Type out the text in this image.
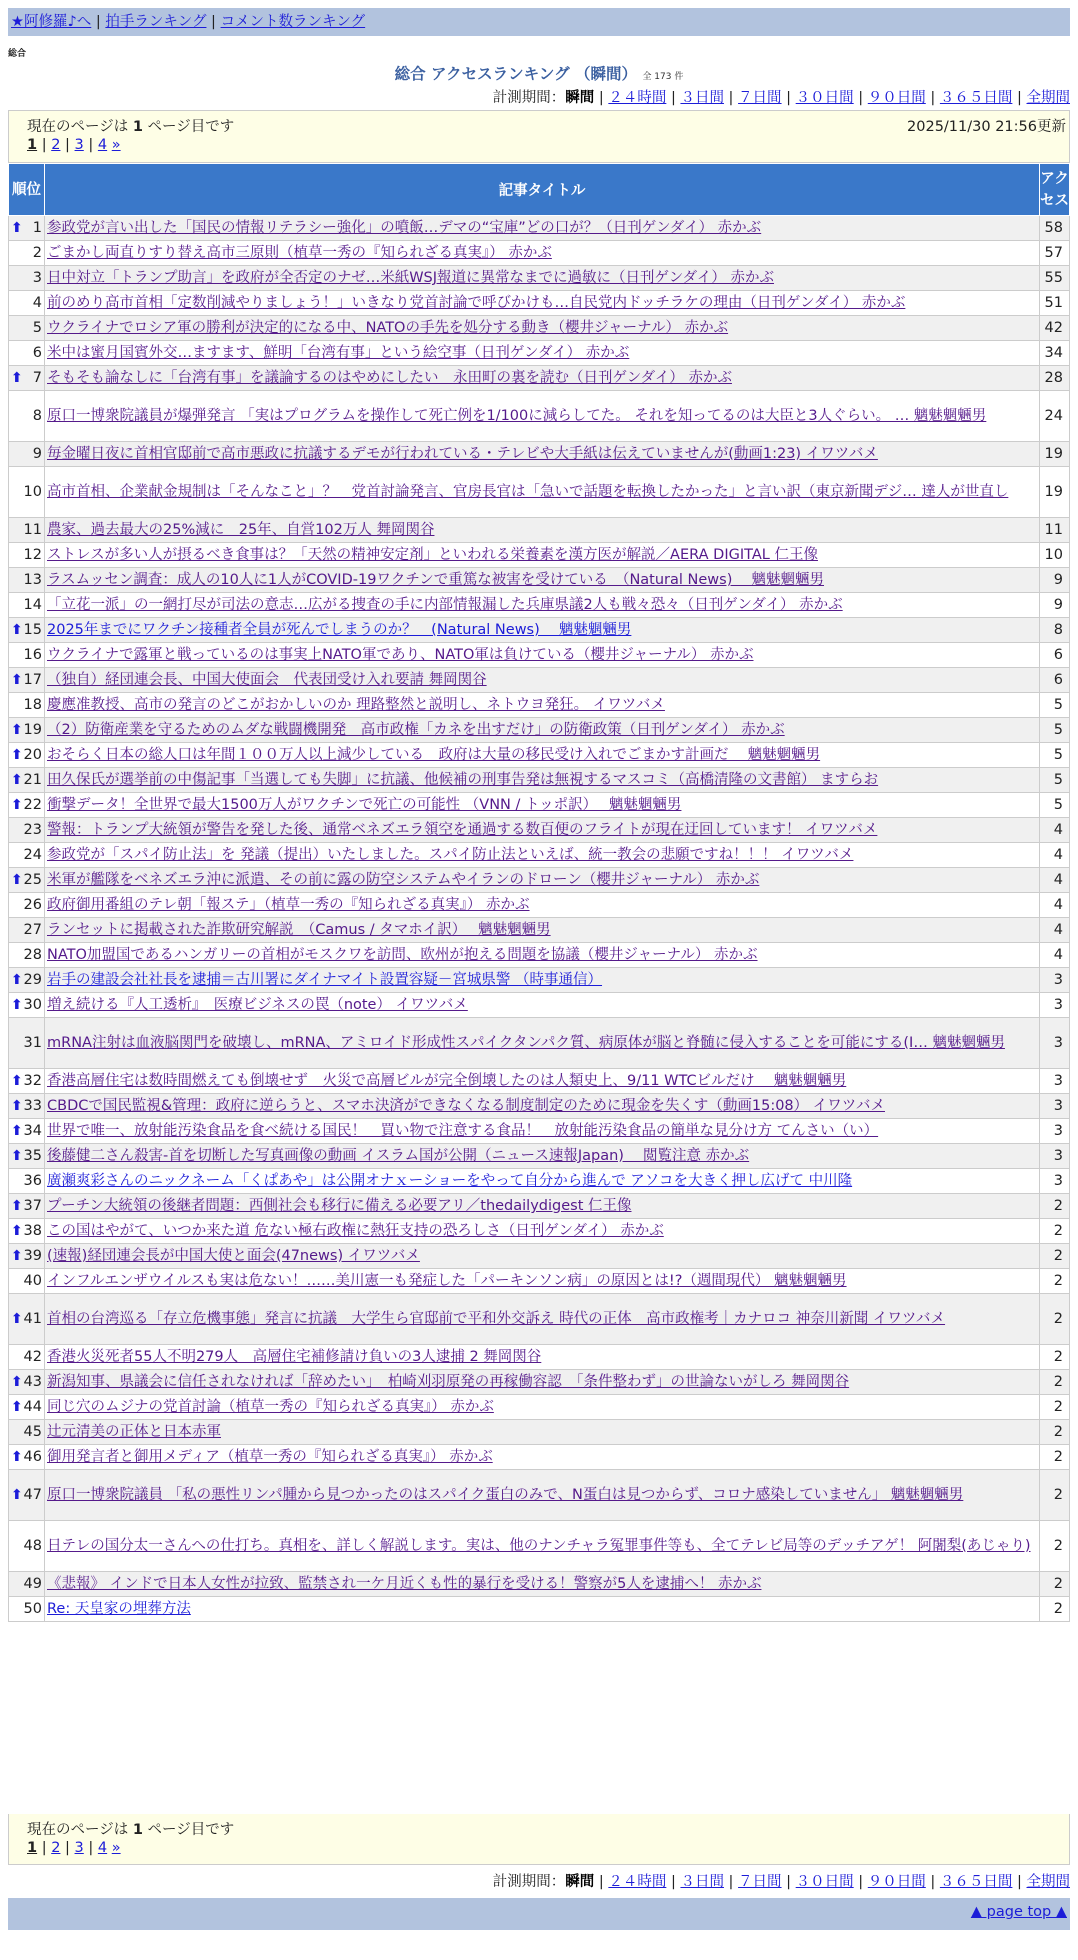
★阿修羅♪へ | 拍手ランキング | コメント数ランキング
総合
総合 アクセスランキング （瞬間） 全 173 件
計測期間：瞬間 | ２４時間 | ３日間 | ７日間 | ３０日間 | ９０日間 | ３６５日間 | 全期間
現在のページは 1 ページ目です	2025/11/30 21:56更新
1 | 2 | 3 | 4 »
順位	記事タイトル	アクセス

⬆ 1	参政党が言い出した「国民の情報リテラシー強化」の噴飯…デマの“宝庫”どの口が？（日刊ゲンダイ） 赤かぶ	58
2	ごまかし両直りすり替え高市三原則（植草一秀の『知られざる真実』） 赤かぶ	57
3	日中対立「トランプ助言」を政府が全否定のナゼ…米紙WSJ報道に異常なまでに過敏に（日刊ゲンダイ） 赤かぶ	55
4	前のめり高市首相「定数削減やりましょう！」いきなり党首討論で呼びかけも…自民党内ドッチラケの理由（日刊ゲンダイ） 赤かぶ	51
5	ウクライナでロシア軍の勝利が決定的になる中、NATOの手先を処分する動き（櫻井ジャーナル） 赤かぶ	42
6	米中は蜜月国賓外交…ますます、鮮明「台湾有事」という絵空事（日刊ゲンダイ） 赤かぶ	34

⬆ 7	そもそも論なしに「台湾有事」を議論するのはやめにしたい　永田町の裏を読む（日刊ゲンダイ） 赤かぶ	28
8	原口一博衆院議員が爆弾発言 「実はプログラムを操作して死亡例を1/100に減らしてた。 それを知ってるのは大臣と3人ぐらい。 … 魑魅魍魎男	24
9	毎金曜日夜に首相官邸前で高市悪政に抗議するデモが行われている・テレビや大手紙は伝えていませんが(動画1:23) イワツバメ	19
10	高市首相、企業献金規制は「そんなこと」？　党首討論発言、官房長官は「急いで話題を転換したかった」と言い訳（東京新聞デジ… 達人が世直し	19
11	農家、過去最大の25%減に　25年、自営102万人 舞岡関谷	11
12	ストレスが多い人が摂るべき食事は？「天然の精神安定剤」といわれる栄養素を漢方医が解説／AERA DIGITAL 仁王像	10
13	ラスムッセン調査：成人の10人に1人がCOVID-19ワクチンで重篤な被害を受けている　（Natural News)　 魑魅魍魎男	9
14	「立花一派」の一網打尽が司法の意志…広がる捜査の手に内部情報漏した兵庫県議2人も戦々恐々（日刊ゲンダイ） 赤かぶ	9

⬆ 15	2025年までにワクチン接種者全員が死んでしまうのか？　(Natural News)　 魑魅魍魎男	8
16	ウクライナで露軍と戦っているのは事実上NATO軍であり、NATO軍は負けている（櫻井ジャーナル） 赤かぶ	6

⬆ 17	（独自）経団連会長、中国大使面会　代表団受け入れ要請 舞岡関谷	6
18	慶應准教授、高市の発言のどこがおかしいのか 理路整然と説明し、ネトウヨ発狂。 イワツバメ	5

⬆ 19	（2）防衛産業を守るためのムダな戦闘機開発　高市政権「カネを出すだけ」の防衛政策（日刊ゲンダイ） 赤かぶ	5

⬆ 20	おそらく日本の総人口は年間１００万人以上減少している　政府は大量の移民受け入れでごまかす計画だ　 魑魅魍魎男	5

⬆ 21	田久保氏が選挙前の中傷記事「当選しても失脚」に抗議、他候補の刑事告発は無視するマスコミ（高橋清隆の文書館） ますらお	5

⬆ 22	衝撃データ！全世界で最大1500万人がワクチンで死亡の可能性 （VNN / トッポ訳）　 魑魅魍魎男	5
23	警報：トランプ大統領が警告を発した後、通常ベネズエラ領空を通過する数百便のフライトが現在迂回しています！ イワツバメ	4
24	参政党が「スパイ防止法」を 発議（提出）いたしました。スパイ防止法といえば、統一教会の悲願ですね！！！ イワツバメ	4

⬆ 25	米軍が艦隊をベネズエラ沖に派遣、その前に露の防空システムやイランのドローン（櫻井ジャーナル） 赤かぶ	4
26	政府御用番組のテレ朝「報ステ」（植草一秀の『知られざる真実』） 赤かぶ	4
27	ランセットに掲載された詐欺研究解説　（Camus / タマホイ訳）　 魑魅魍魎男	4
28	NATO加盟国であるハンガリーの首相がモスクワを訪問、欧州が抱える問題を協議（櫻井ジャーナル） 赤かぶ	4

⬆ 29	岩手の建設会社社長を逮捕＝古川署にダイナマイト設置容疑－宮城県警 （時事通信）	3

⬆ 30	増え続ける『人工透析』　医療ビジネスの罠（note） イワツバメ	3
31	mRNA注射は血液脳関門を破壊し、mRNA、アミロイド形成性スパイクタンパク質、病原体が脳と脊髄に侵入することを可能にする(I… 魑魅魍魎男	3

⬆ 32	香港高層住宅は数時間燃えても倒壊せず　火災で高層ビルが完全倒壊したのは人類史上、9/11 WTCビルだけ　 魑魅魍魎男	3

⬆ 33	CBDCで国民監視&管理：政府に逆らうと、スマホ決済ができなくなる制度制定のために現金を失くす（動画15:08） イワツバメ	3

⬆ 34	世界で唯一、放射能汚染食品を食べ続ける国民！　買い物で注意する食品！　放射能汚染食品の簡単な見分け方 てんさい（い）	3

⬆ 35	後藤健二さん殺害-首を切断した写真画像の動画 イスラム国が公開（ニュース速報Japan)　 閲覧注意 赤かぶ	3
36	廣瀬爽彩さんのニックネーム「くぱあや」は公開オナｘーショーをやって自分から進んで アソコを大きく押し広げて 中川隆	3

⬆ 37	プーチン大統領の後継者問題：西側社会も移行に備える必要アリ／thedailydigest 仁王像	2

⬆ 38	この国はやがて、いつか来た道 危ない極右政権に熱狂支持の恐ろしさ（日刊ゲンダイ） 赤かぶ	2

⬆ 39	(速報)経団連会長が中国大使と面会(47news) イワツバメ	2
40	インフルエンザウイルスも実は危ない！……美川憲一も発症した「パーキンソン病」の原因とは!?（週間現代） 魑魅魍魎男	2

⬆ 41	首相の台湾巡る「存立危機事態」発言に抗議　大学生ら官邸前で平和外交訴え 時代の正体　高市政権考｜カナロコ 神奈川新聞 イワツバメ	2
42	香港火災死者55人不明279人　高層住宅補修請け負いの3人逮捕 2 舞岡関谷	2

⬆ 43	新潟知事、県議会に信任されなければ「辞めたい」　柏崎刈羽原発の再稼働容認　「条件整わず」の世論ないがしろ 舞岡関谷	2

⬆ 44	同じ穴のムジナの党首討論（植草一秀の『知られざる真実』） 赤かぶ	2
45	辻元清美の正体と日本赤軍	2

⬆ 46	御用発言者と御用メディア（植草一秀の『知られざる真実』） 赤かぶ	2

⬆ 47	原口一博衆院議員 「私の悪性リンパ腫から見つかったのはスパイク蛋白のみで、N蛋白は見つからず、コロナ感染していません」 魑魅魍魎男	2
48	日テレの国分太一さんへの仕打ち。真相を、詳しく解説します。実は、他のナンチャラ冤罪事件等も、全てテレビ局等のデッチアゲ！ 阿闍梨(あじゃり)	2
49	《悲報》 インドで日本人女性が拉致、監禁され一ケ月近くも性的暴行を受ける！警察が5人を逮捕へ！ 赤かぶ	2
50	Re: 天皇家の埋葬方法	2
現在のページは 1 ページ目です
1 | 2 | 3 | 4 »
計測期間：瞬間 | ２４時間 | ３日間 | ７日間 | ３０日間 | ９０日間 | ３６５日間 | 全期間
▲ page top ▲
